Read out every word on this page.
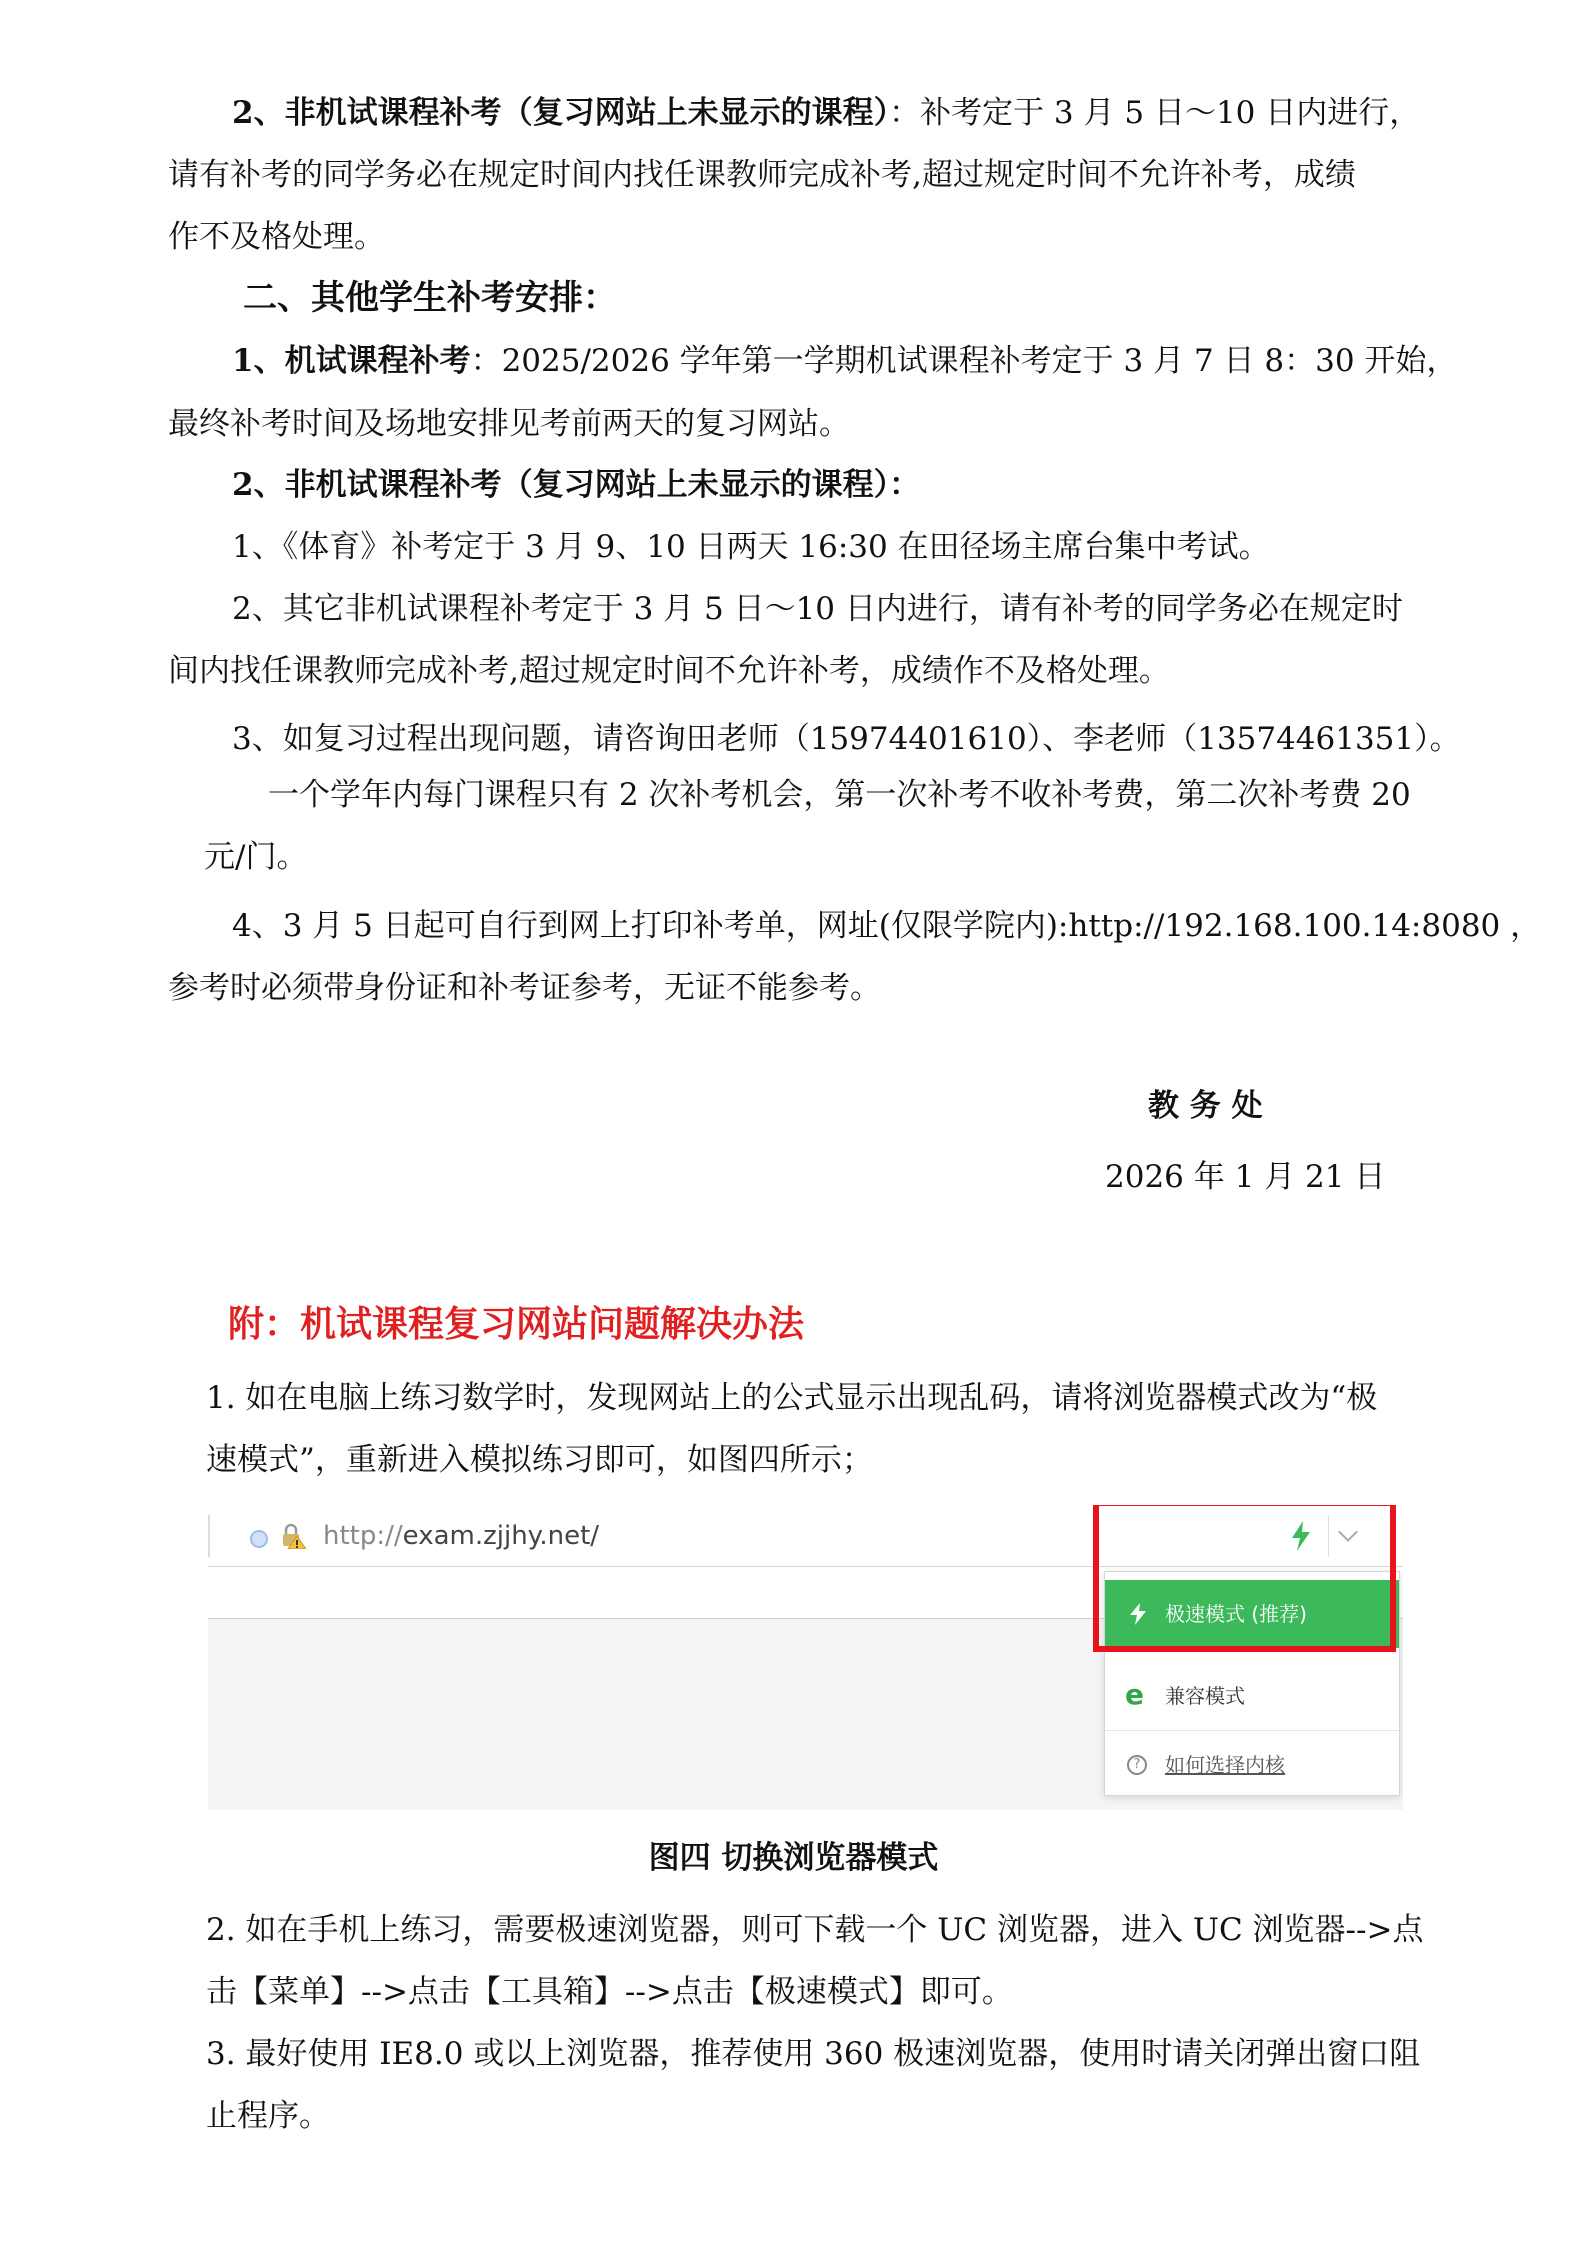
2、非机试课程补考（复习网站上未显示的课程）：补考定于 3 月 5 日～10 日内进行，
请有补考的同学务必在规定时间内找任课教师完成补考,超过规定时间不允许补考，成绩
作不及格处理。
二、其他学生补考安排：
1、机试课程补考：2025/2026 学年第一学期机试课程补考定于 3 月 7 日 8：30 开始，
最终补考时间及场地安排见考前两天的复习网站。
2、非机试课程补考（复习网站上未显示的课程）：
1、《体育》补考定于 3 月 9、10 日两天 16:30 在田径场主席台集中考试。
2、其它非机试课程补考定于 3 月 5 日～10 日内进行，请有补考的同学务必在规定时
间内找任课教师完成补考,超过规定时间不允许补考，成绩作不及格处理。
3、如复习过程出现问题，请咨询田老师（15974401610）、李老师（13574461351）。
一个学年内每门课程只有 2 次补考机会，第一次补考不收补考费，第二次补考费 20
元/门。
4、3 月 5 日起可自行到网上打印补考单，网址(仅限学院内):http://192.168.100.14:8080 ，
参考时必须带身份证和补考证参考，无证不能参考。
教 务 处
2026 年 1 月 21 日
附：机试课程复习网站问题解决办法
1. 如在电脑上练习数学时，发现网站上的公式显示出现乱码，请将浏览器模式改为“极
速模式”，重新进入模拟练习即可，如图四所示；
http://exam.zjjhy.net/
极速模式 (推荐)
e 兼容模式
?	如何选择内核
图四 切换浏览器模式
2. 如在手机上练习，需要极速浏览器，则可下载一个 UC 浏览器，进入 UC 浏览器-->点
击【菜单】-->点击【工具箱】-->点击【极速模式】即可。
3. 最好使用 IE8.0 或以上浏览器，推荐使用 360 极速浏览器，使用时请关闭弹出窗口阻
止程序。
